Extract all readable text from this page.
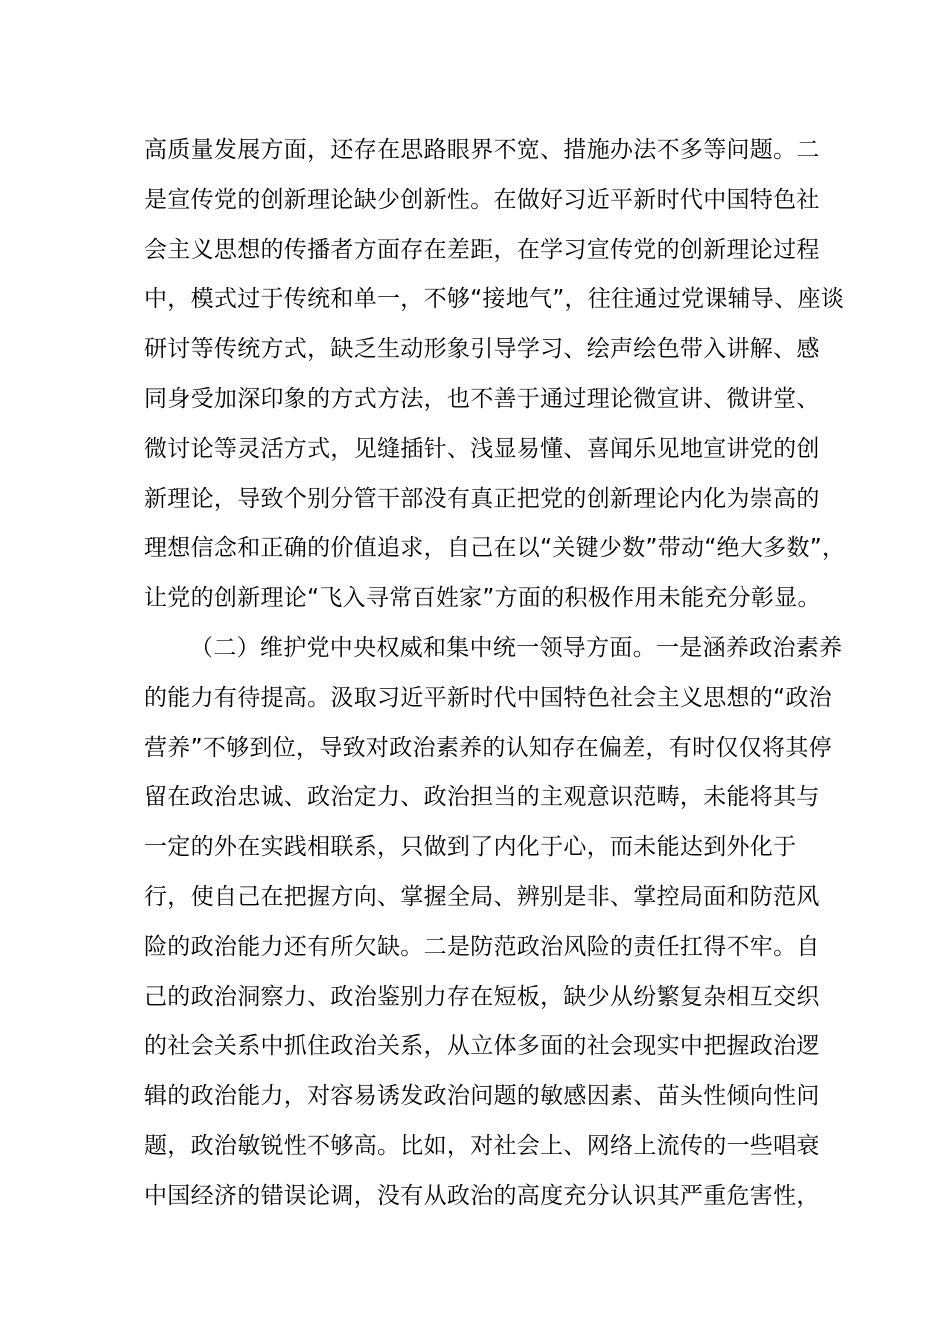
高质量发展方面，还存在思路眼界不宽、措施办法不多等问题。二
是宣传党的创新理论缺少创新性。在做好习近平新时代中国特色社
会主义思想的传播者方面存在差距，在学习宣传党的创新理论过程
中，模式过于传统和单一，不够“接地气”，往往通过党课辅导、座谈
研讨等传统方式，缺乏生动形象引导学习、绘声绘色带入讲解、感
同身受加深印象的方式方法，也不善于通过理论微宣讲、微讲堂、
微讨论等灵活方式，见缝插针、浅显易懂、喜闻乐见地宣讲党的创
新理论，导致个别分管干部没有真正把党的创新理论内化为崇高的
理想信念和正确的价值追求，自己在以“关键少数”带动“绝大多数”，
让党的创新理论“飞入寻常百姓家”方面的积极作用未能充分彰显。
（二）维护党中央权威和集中统一领导方面。一是涵养政治素养
的能力有待提高。汲取习近平新时代中国特色社会主义思想的“政治
营养”不够到位，导致对政治素养的认知存在偏差，有时仅仅将其停
留在政治忠诚、政治定力、政治担当的主观意识范畴，未能将其与
一定的外在实践相联系，只做到了内化于心，而未能达到外化于
行，使自己在把握方向、掌握全局、辨别是非、掌控局面和防范风
险的政治能力还有所欠缺。二是防范政治风险的责任扛得不牢。自
己的政治洞察力、政治鉴别力存在短板，缺少从纷繁复杂相互交织
的社会关系中抓住政治关系，从立体多面的社会现实中把握政治逻
辑的政治能力，对容易诱发政治问题的敏感因素、苗头性倾向性问
题，政治敏锐性不够高。比如，对社会上、网络上流传的一些唱衰
中国经济的错误论调，没有从政治的高度充分认识其严重危害性，
